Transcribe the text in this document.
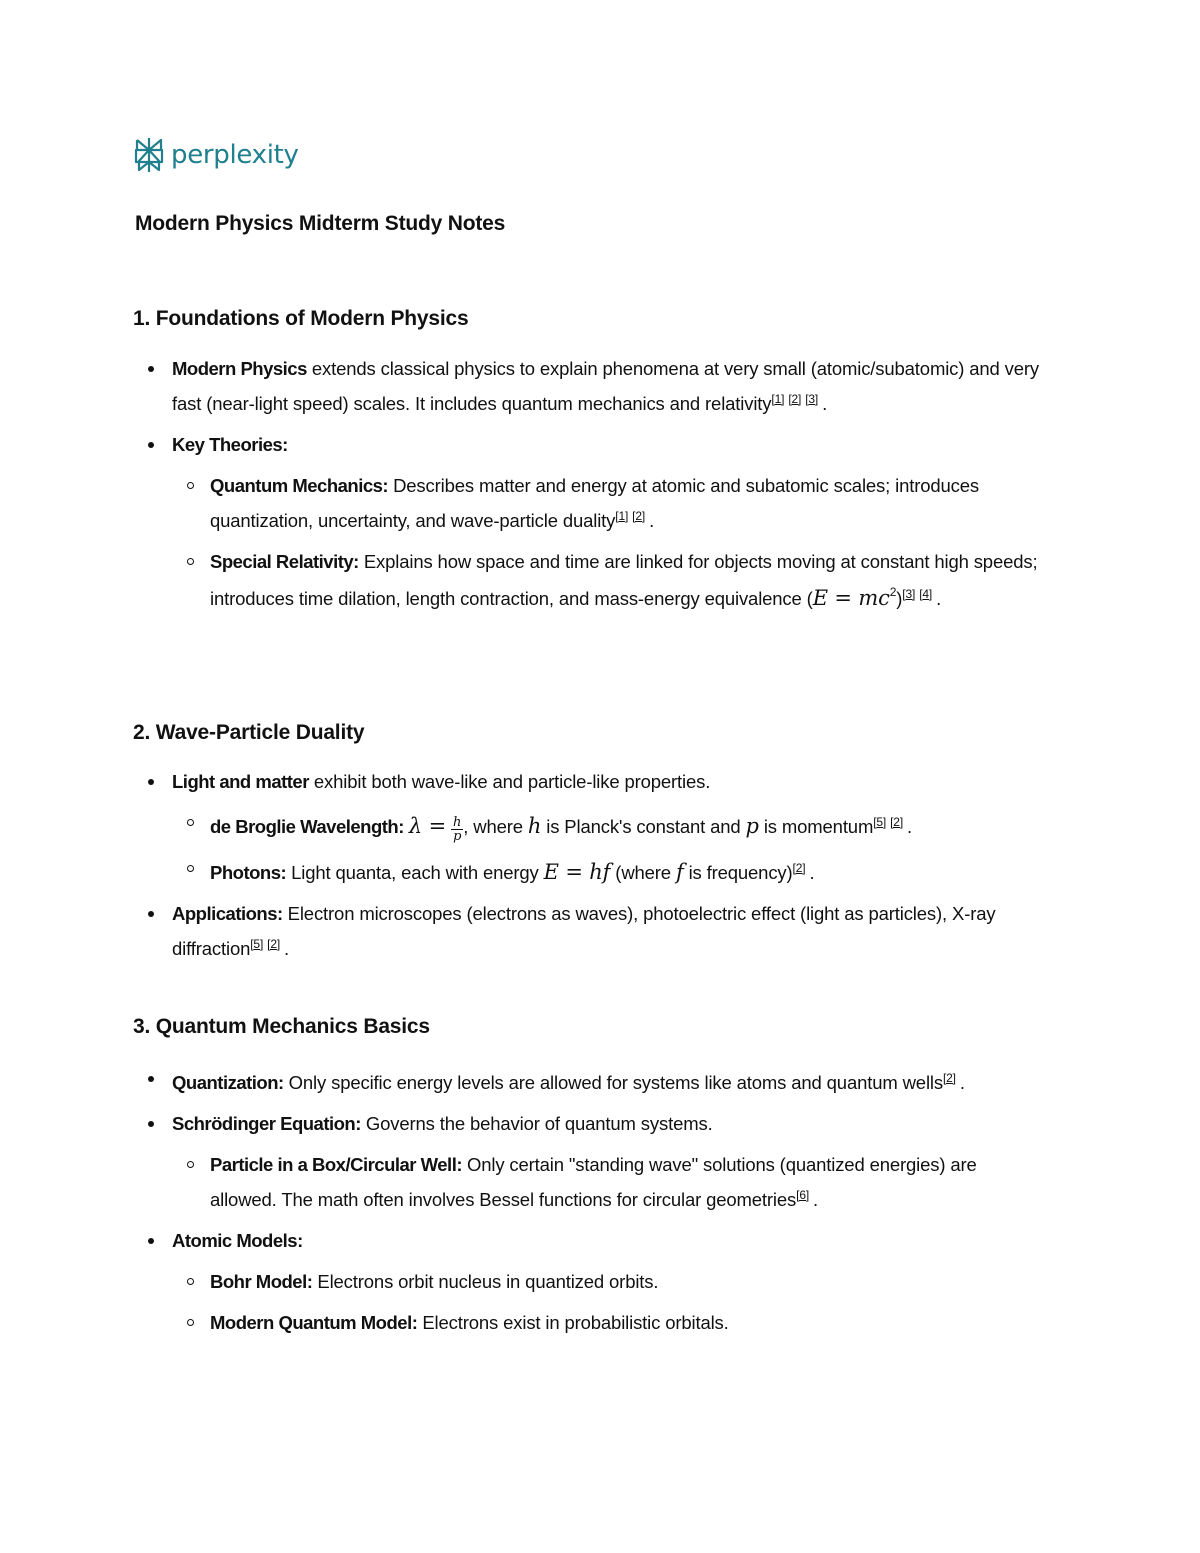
perplexity
Modern Physics Midterm Study Notes
1. Foundations of Modern Physics
Modern Physics extends classical physics to explain phenomena at very small (atomic/subatomic) and very fast (near-light speed) scales. It includes quantum mechanics and relativity[1] [2] [3] .
Key Theories:
Quantum Mechanics: Describes matter and energy at atomic and subatomic scales; introduces quantization, uncertainty, and wave-particle duality[1] [2] .
Special Relativity: Explains how space and time are linked for objects moving at constant high speeds; introduces time dilation, length contraction, and mass-energy equivalence $(E = mc^2)[3] [4]$ .
2. Wave-Particle Duality
Light and matter exhibit both wave-like and particle-like properties.
de Broglie Wavelength: $\lambda = \frac{h}{p}$ , where h is Planck's constant and p is momentum[5] [2] .
Photons: Light quanta, each with energy E = hf (where f is frequency)[2] .
Applications: Electron microscopes (electrons as waves), photoelectric effect (light as particles), X-ray diffraction[5] [2] .
3. Quantum Mechanics Basics
Quantization: Only specific energy levels are allowed for systems like atoms and quantum wells[2] .
Schrödinger Equation: Governs the behavior of quantum systems.
Particle in a Box/Circular Well: Only certain "standing wave" solutions (quantized energies) are allowed. The math often involves Bessel functions for circular geometries[6] .
Atomic Models:
Bohr Model: Electrons orbit nucleus in quantized orbits.
Modern Quantum Model: Electrons exist in probabilistic orbitals.
